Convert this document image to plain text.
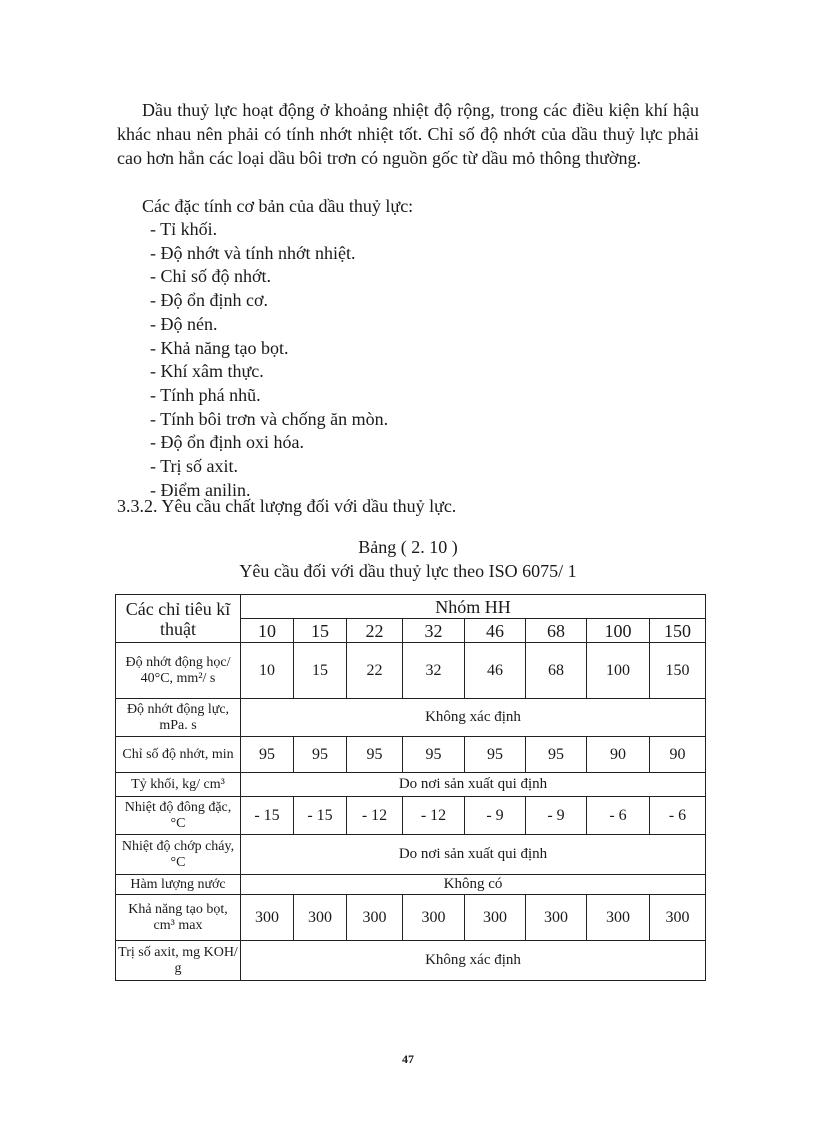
Dầu thuỷ lực hoạt động ở khoảng nhiệt độ rộng, trong các điều kiện khí hậu khác nhau nên phải có tính nhớt nhiệt tốt. Chỉ số độ nhớt của dầu thuỷ lực phải cao hơn hẳn các loại dầu bôi trơn có nguồn gốc từ dầu mỏ thông thường.
Các đặc tính cơ bản của dầu thuỷ lực:
- Tỉ khối.
- Độ nhớt và tính nhớt nhiệt.
- Chỉ số độ nhớt.
- Độ ổn định cơ.
- Độ nén.
- Khả năng tạo bọt.
- Khí xâm thực.
- Tính phá nhũ.
- Tính bôi trơn và chống ăn mòn.
- Độ ổn định oxi hóa.
- Trị số axit.
- Điểm anilin.
3.3.2. Yêu cầu chất lượng đối với dầu thuỷ lực.
Bảng ( 2. 10 )
Yêu cầu đối với dầu thuỷ lực theo ISO 6075/ 1
Các chỉ tiêu kĩ thuật	Nhóm HH							
	10	15	22	32	46	68	100	150
Độ nhớt động học/ 40°C, mm²/ s	10	15	22	32	46	68	100	150
Độ nhớt động lực, mPa. s	Không xác định							
Chỉ số độ nhớt, min	95	95	95	95	95	95	90	90
Tỷ khối, kg/ cm³	Do nơi sản xuất qui định							
Nhiệt độ đông đặc, °C	- 15	- 15	- 12	- 12	- 9	- 9	- 6	- 6
Nhiệt độ chớp cháy, °C	Do nơi sản xuất qui định							
Hàm lượng nước	Không có							
Khả năng tạo bọt, cm³ max	300	300	300	300	300	300	300	300
Trị số axit, mg KOH/ g	Không xác định							
47
